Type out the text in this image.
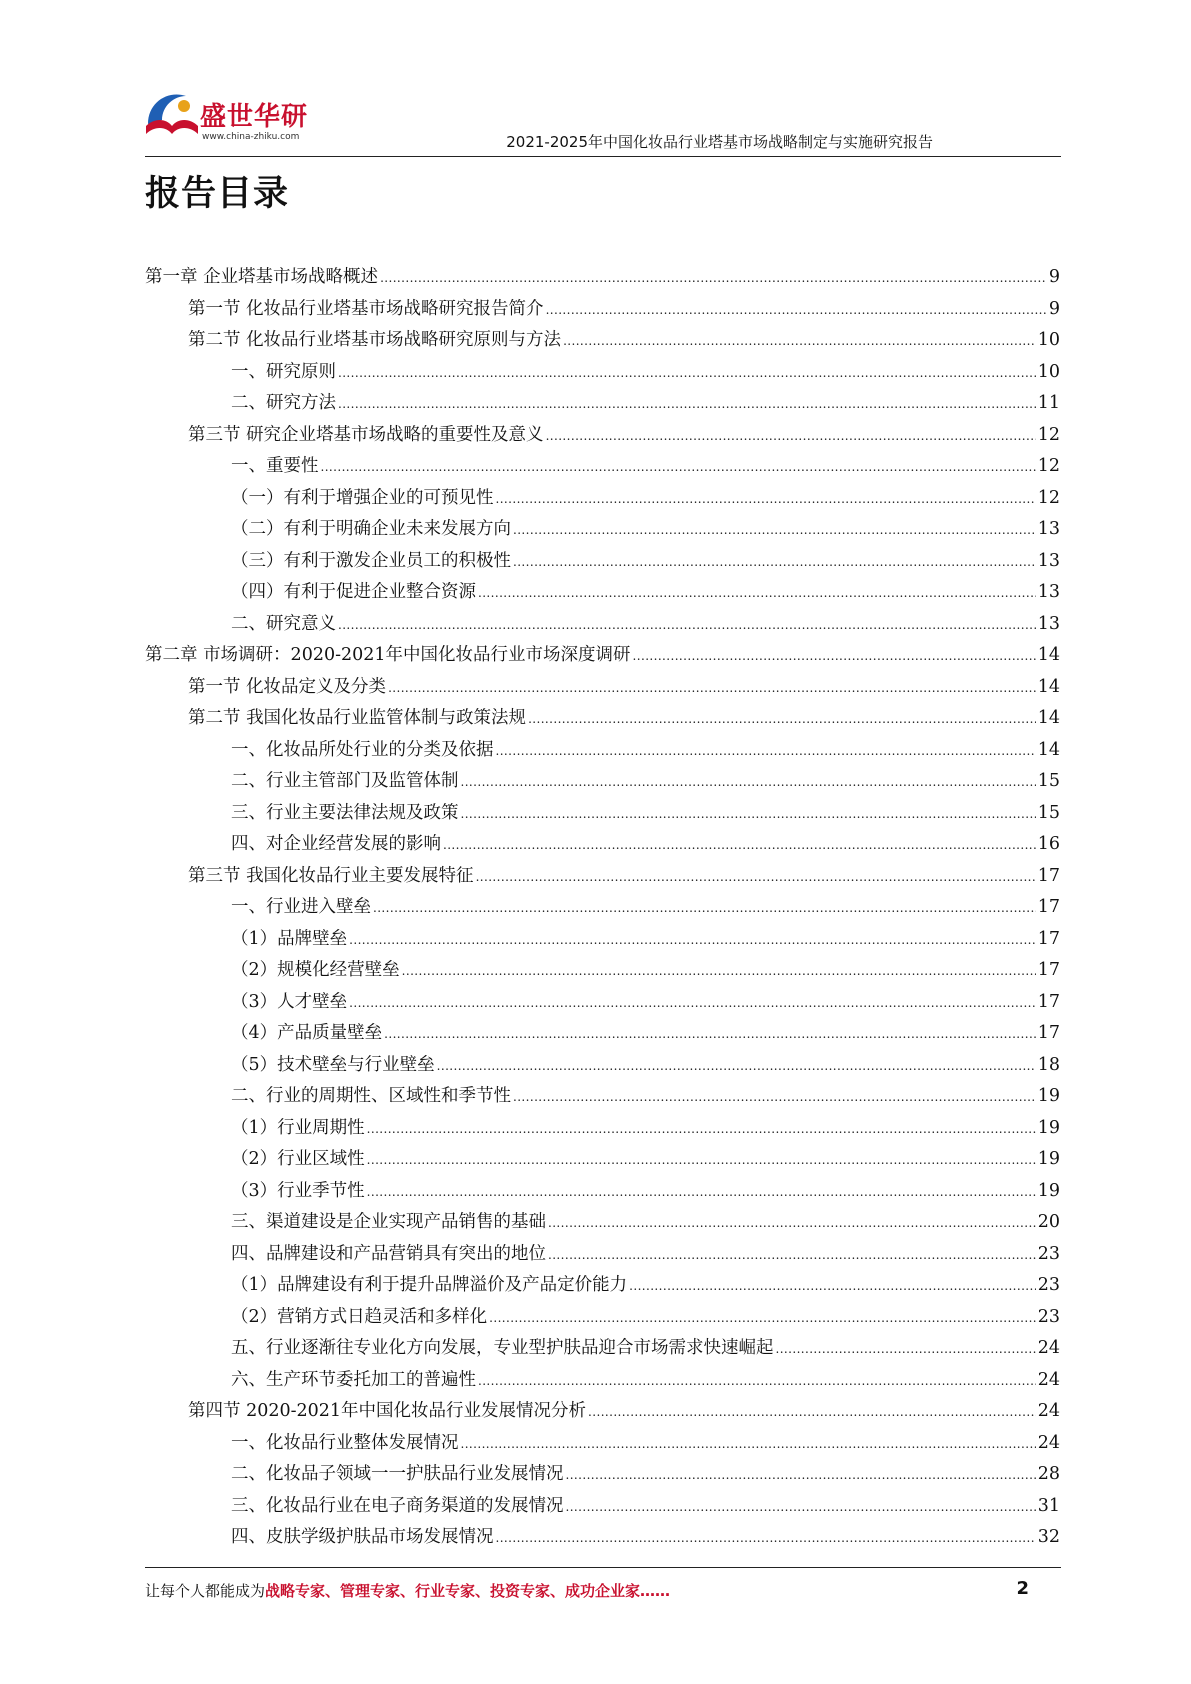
盛世华研
www.china-zhiku.com	2021-2025年中国化妆品行业塔基市场战略制定与实施研究报告
报告目录
第一章 企业塔基市场战略概述 .....	9
第一节 化妆品行业塔基市场战略研究报告简介 .....	9
第二节 化妆品行业塔基市场战略研究原则与方法 .....	10
一、研究原则 .....	10
二、研究方法 .....	11
第三节 研究企业塔基市场战略的重要性及意义 .....	12
一、重要性 .....	12
（一）有利于增强企业的可预见性 .....	12
（二）有利于明确企业未来发展方向 .....	13
（三）有利于激发企业员工的积极性 .....	13
（四）有利于促进企业整合资源 .....	13
二、研究意义 .....	13
第二章 市场调研：2020-2021年中国化妆品行业市场深度调研 .....	14
第一节 化妆品定义及分类 .....	14
第二节 我国化妆品行业监管体制与政策法规 .....	14
一、化妆品所处行业的分类及依据 .....	14
二、行业主管部门及监管体制 .....	15
三、行业主要法律法规及政策 .....	15
四、对企业经营发展的影响 .....	16
第三节 我国化妆品行业主要发展特征 .....	17
一、行业进入壁垒 .....	17
（1）品牌壁垒 .....	17
（2）规模化经营壁垒 .....	17
（3）人才壁垒 .....	17
（4）产品质量壁垒 .....	17
（5）技术壁垒与行业壁垒 .....	18
二、行业的周期性、区域性和季节性 .....	19
（1）行业周期性 .....	19
（2）行业区域性 .....	19
（3）行业季节性 .....	19
三、渠道建设是企业实现产品销售的基础 .....	20
四、品牌建设和产品营销具有突出的地位 .....	23
（1）品牌建设有利于提升品牌溢价及产品定价能力 .....	23
（2）营销方式日趋灵活和多样化 .....	23
五、行业逐渐往专业化方向发展，专业型护肤品迎合市场需求快速崛起 .....	24
六、生产环节委托加工的普遍性 .....	24
第四节 2020-2021年中国化妆品行业发展情况分析 .....	24
一、化妆品行业整体发展情况 .....	24
二、化妆品子领域一一护肤品行业发展情况 .....	28
三、化妆品行业在电子商务渠道的发展情况 .....	31
四、皮肤学级护肤品市场发展情况 .....	32
让每个人都能成为战略专家、管理专家、行业专家、投资专家、成功企业家……	2
